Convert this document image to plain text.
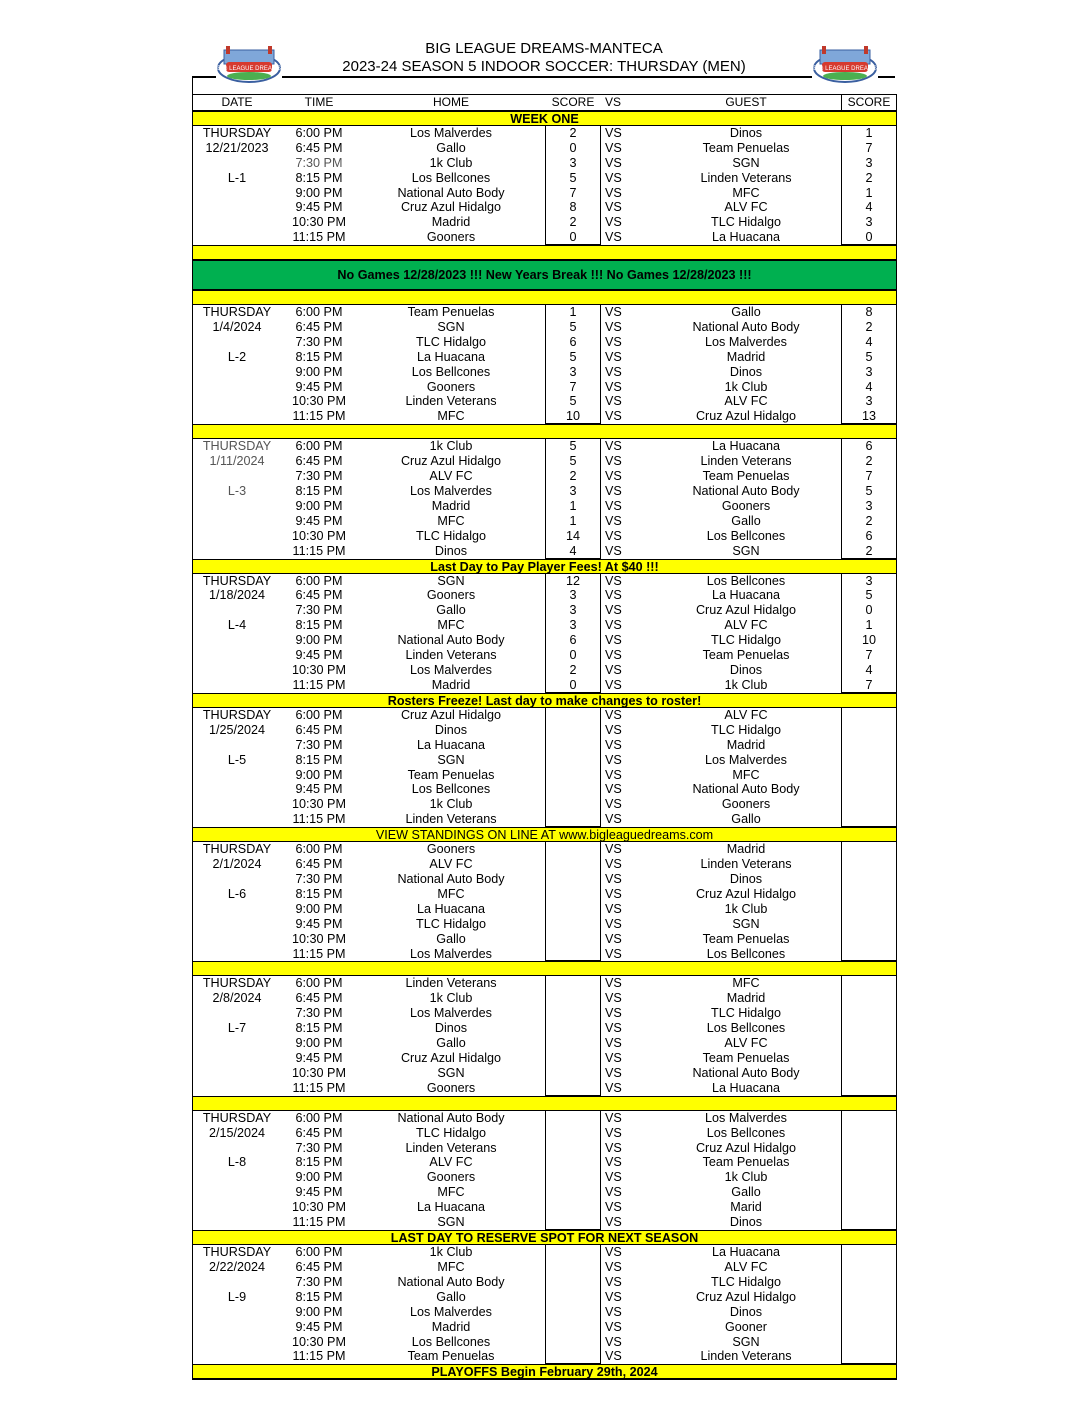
BIG LEAGUE DREAMS	BIG LEAGUE DREAMS
BIG LEAGUE DREAMS-MANTECA
2023-24 SEASON 5 INDOOR SOCCER: THURSDAY (MEN)
DATE	TIME	HOME	SCORE VS	GUEST	SCORE
WEEK ONE
THURSDAY	6:00 PM	Los Malverdes	2	VS	Dinos	1
12/21/2023	6:45 PM	Gallo	0	VS	Team Penuelas	7
7:30 PM	1k Club	3	VS	SGN	3
L-1	8:15 PM	Los Bellcones	5	VS	Linden Veterans	2
9:00 PM	National Auto Body	7	VS	MFC	1
9:45 PM	Cruz Azul Hidalgo	8	VS	ALV FC	4
10:30 PM	Madrid	2	VS	TLC Hidalgo	3
11:15 PM	Gooners	0	VS	La Huacana	0
No Games 12/28/2023 !!! New Years Break !!! No Games 12/28/2023 !!!
THURSDAY	6:00 PM	Team Penuelas	1	VS	Gallo	8
1/4/2024	6:45 PM	SGN	5	VS	National Auto Body	2
7:30 PM	TLC Hidalgo	6	VS	Los Malverdes	4
L-2	8:15 PM	La Huacana	5	VS	Madrid	5
9:00 PM	Los Bellcones	3	VS	Dinos	3
9:45 PM	Gooners	7	VS	1k Club	4
10:30 PM	Linden Veterans	5	VS	ALV FC	3
11:15 PM	MFC	10	VS	Cruz Azul Hidalgo	13
THURSDAY	6:00 PM	1k Club	5	VS	La Huacana	6
1/11/2024	6:45 PM	Cruz Azul Hidalgo	5	VS	Linden Veterans	2
7:30 PM	ALV FC	2	VS	Team Penuelas	7
L-3	8:15 PM	Los Malverdes	3	VS	National Auto Body	5
9:00 PM	Madrid	1	VS	Gooners	3
9:45 PM	MFC	1	VS	Gallo	2
10:30 PM	TLC Hidalgo	14	VS	Los Bellcones	6
11:15 PM	Dinos	4	VS	SGN	2
Last Day to Pay Player Fees! At $40 !!!
THURSDAY	6:00 PM	SGN	12	VS	Los Bellcones	3
1/18/2024	6:45 PM	Gooners	3	VS	La Huacana	5
7:30 PM	Gallo	3	VS	Cruz Azul Hidalgo	0
L-4	8:15 PM	MFC	3	VS	ALV FC	1
9:00 PM	National Auto Body	6	VS	TLC Hidalgo	10
9:45 PM	Linden Veterans	0	VS	Team Penuelas	7
10:30 PM	Los Malverdes	2	VS	Dinos	4
11:15 PM	Madrid	0	VS	1k Club	7
Rosters Freeze! Last day to make changes to roster!
THURSDAY	6:00 PM	Cruz Azul Hidalgo	VS	ALV FC
1/25/2024	6:45 PM	Dinos	VS	TLC Hidalgo
7:30 PM	La Huacana	VS	Madrid
L-5	8:15 PM	SGN	VS	Los Malverdes
9:00 PM	Team Penuelas	VS	MFC
9:45 PM	Los Bellcones	VS	National Auto Body
10:30 PM	1k Club	VS	Gooners
11:15 PM	Linden Veterans	VS	Gallo
VIEW STANDINGS ON LINE AT www.bigleaguedreams.com
THURSDAY	6:00 PM	Gooners	VS	Madrid
2/1/2024	6:45 PM	ALV FC	VS	Linden Veterans
7:30 PM	National Auto Body	VS	Dinos
L-6	8:15 PM	MFC	VS	Cruz Azul Hidalgo
9:00 PM	La Huacana	VS	1k Club
9:45 PM	TLC Hidalgo	VS	SGN
10:30 PM	Gallo	VS	Team Penuelas
11:15 PM	Los Malverdes	VS	Los Bellcones
THURSDAY	6:00 PM	Linden Veterans	VS	MFC
2/8/2024	6:45 PM	1k Club	VS	Madrid
7:30 PM	Los Malverdes	VS	TLC Hidalgo
L-7	8:15 PM	Dinos	VS	Los Bellcones
9:00 PM	Gallo	VS	ALV FC
9:45 PM	Cruz Azul Hidalgo	VS	Team Penuelas
10:30 PM	SGN	VS	National Auto Body
11:15 PM	Gooners	VS	La Huacana
THURSDAY	6:00 PM	National Auto Body	VS	Los Malverdes
2/15/2024	6:45 PM	TLC Hidalgo	VS	Los Bellcones
7:30 PM	Linden Veterans	VS	Cruz Azul Hidalgo
L-8	8:15 PM	ALV FC	VS	Team Penuelas
9:00 PM	Gooners	VS	1k Club
9:45 PM	MFC	VS	Gallo
10:30 PM	La Huacana	VS	Marid
11:15 PM	SGN	VS	Dinos
LAST DAY TO RESERVE SPOT FOR NEXT SEASON
THURSDAY	6:00 PM	1k Club	VS	La Huacana
2/22/2024	6:45 PM	MFC	VS	ALV FC
7:30 PM	National Auto Body	VS	TLC Hidalgo
L-9	8:15 PM	Gallo	VS	Cruz Azul Hidalgo
9:00 PM	Los Malverdes	VS	Dinos
9:45 PM	Madrid	VS	Gooner
10:30 PM	Los Bellcones	VS	SGN
11:15 PM	Team Penuelas	VS	Linden Veterans
PLAYOFFS Begin February 29th, 2024
